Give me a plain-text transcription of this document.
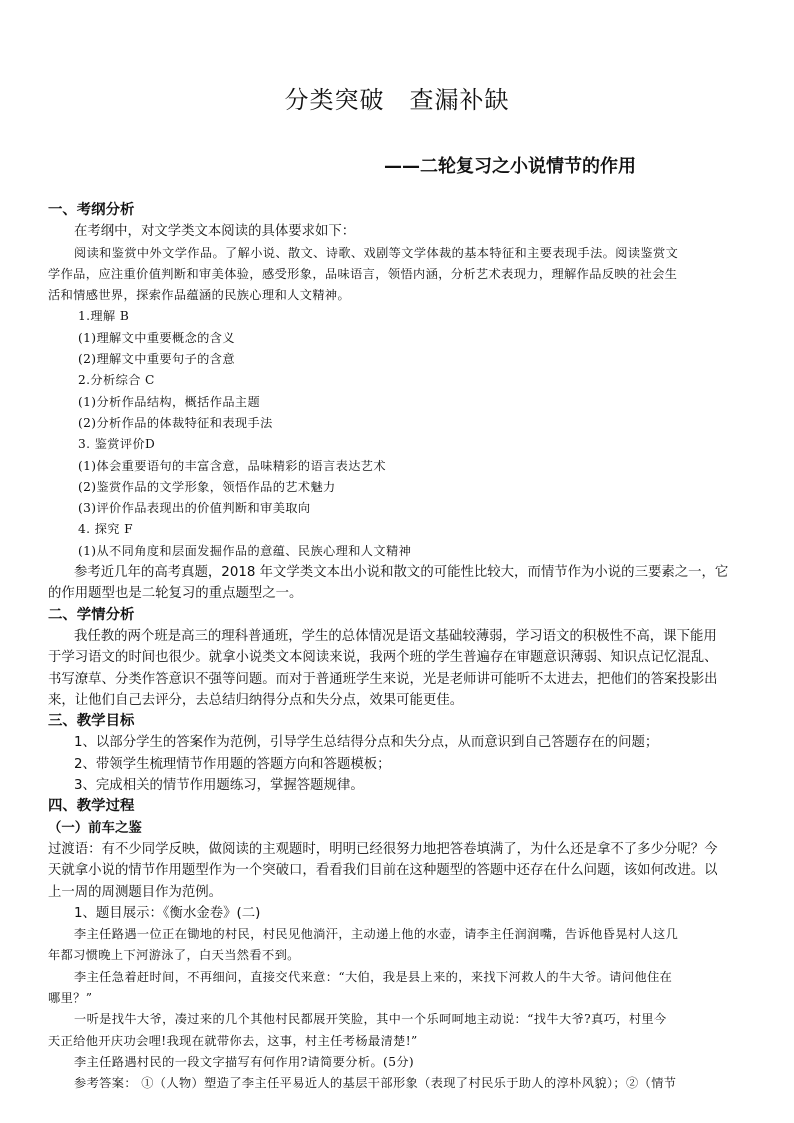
分类突破　查漏补缺
——二轮复习之小说情节的作用
一、考纲分析
在考纲中，对文学类文本阅读的具体要求如下：
阅读和鉴赏中外文学作品。了解小说、散文、诗歌、戏剧等文学体裁的基本特征和主要表现手法。阅读鉴赏文
学作品，应注重价值判断和审美体验，感受形象，品味语言，领悟内涵，分析艺术表现力，理解作品反映的社会生
活和情感世界，探索作品蕴涵的民族心理和人文精神。
1.理解 B
(1)理解文中重要概念的含义
(2)理解文中重要句子的含意
2.分析综合 C
(1)分析作品结构，概括作品主题
(2)分析作品的体裁特征和表现手法
3. 鉴赏评价D
(1)体会重要语句的丰富含意，品味精彩的语言表达艺术
(2)鉴赏作品的文学形象，领悟作品的艺术魅力
(3)评价作品表现出的价值判断和审美取向
4. 探究 F
(1)从不同角度和层面发掘作品的意蕴、民族心理和人文精神
参考近几年的高考真题，2018 年文学类文本出小说和散文的可能性比较大，而情节作为小说的三要素之一，它
的作用题型也是二轮复习的重点题型之一。
二、学情分析
我任教的两个班是高三的理科普通班，学生的总体情况是语文基础较薄弱，学习语文的积极性不高，课下能用
于学习语文的时间也很少。就拿小说类文本阅读来说，我两个班的学生普遍存在审题意识薄弱、知识点记忆混乱、
书写潦草、分类作答意识不强等问题。而对于普通班学生来说，光是老师讲可能听不太进去，把他们的答案投影出
来，让他们自己去评分，去总结归纳得分点和失分点，效果可能更佳。
三、教学目标
1、以部分学生的答案作为范例，引导学生总结得分点和失分点，从而意识到自己答题存在的问题；
2、带领学生梳理情节作用题的答题方向和答题模板；
3、完成相关的情节作用题练习，掌握答题规律。
四、教学过程
（一）前车之鉴
过渡语：有不少同学反映，做阅读的主观题时，明明已经很努力地把答卷填满了，为什么还是拿不了多少分呢？今
天就拿小说的情节作用题型作为一个突破口，看看我们目前在这种题型的答题中还存在什么问题，该如何改进。以
上一周的周测题目作为范例。
1、题目展示：《衡水金卷》(二)
李主任路遇一位正在锄地的村民，村民见他淌汗，主动递上他的水壶，请李主任润润嘴，告诉他昏晃村人这几
年都习惯晚上下河游泳了，白天当然看不到。
李主任急着赶时间，不再细问，直接交代来意：“大伯，我是县上来的，来找下河救人的牛大爷。请问他住在
哪里？”
一听是找牛大爷，凑过来的几个其他村民都展开笑脸，其中一个乐呵呵地主动说：“找牛大爷?真巧，村里今
天正给他开庆功会哩!我现在就带你去，这事，村主任考杨最清楚!”
李主任路遇村民的一段文字描写有何作用?请简要分析。(5分)
参考答案： ①（人物）塑造了李主任平易近人的基层干部形象（表现了村民乐于助人的淳朴风貌）；②（情节
